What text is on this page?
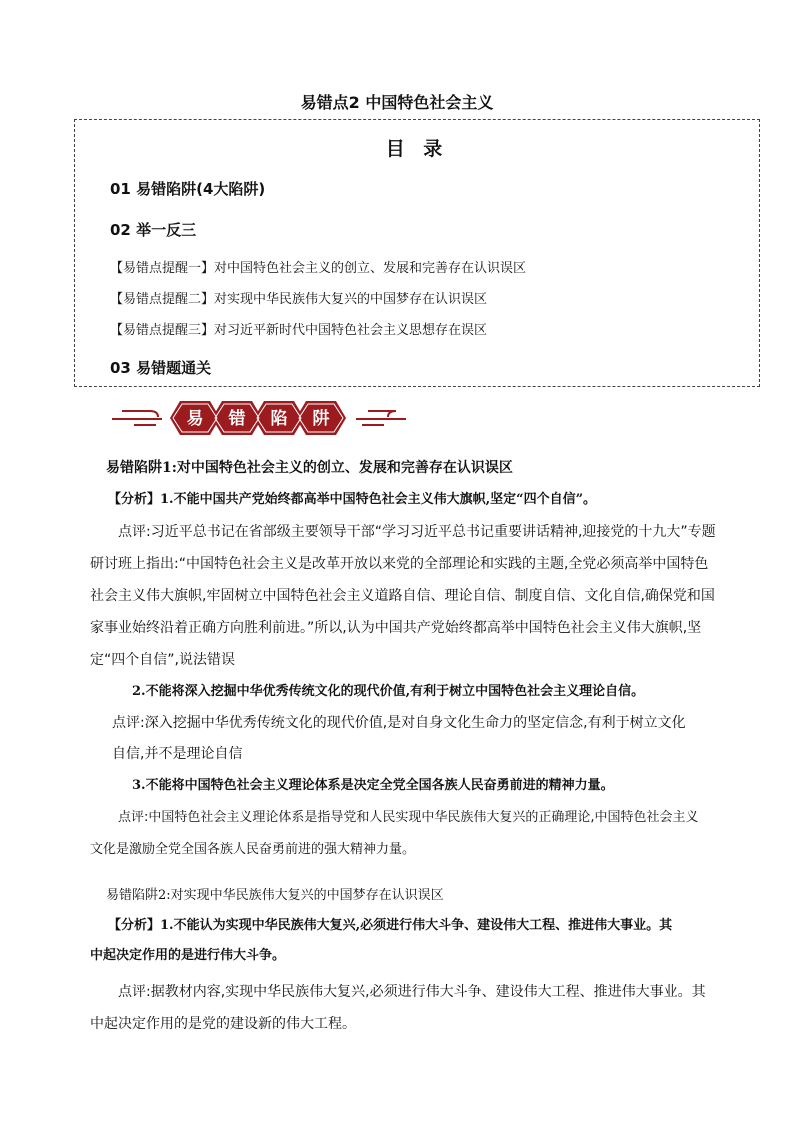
易错点2 中国特色社会主义
目 录
01 易错陷阱(4大陷阱)
02 举一反三
【易错点提醒一】对中国特色社会主义的创立、发展和完善存在认识误区
【易错点提醒二】对实现中华民族伟大复兴的中国梦存在认识误区
【易错点提醒三】对习近平新时代中国特色社会主义思想存在误区
03 易错题通关
易 错 陷 阱
易错陷阱1:对中国特色社会主义的创立、发展和完善存在认识误区
【分析】1.不能中国共产党始终都高举中国特色社会主义伟大旗帜,坚定“四个自信”。
点评:习近平总书记在省部级主要领导干部“学习习近平总书记重要讲话精神,迎接党的十九大”专题
研讨班上指出:“中国特色社会主义是改革开放以来党的全部理论和实践的主题,全党必须高举中国特色
社会主义伟大旗帜,牢固树立中国特色社会主义道路自信、理论自信、制度自信、文化自信,确保党和国
家事业始终沿着正确方向胜利前进。”所以,认为中国共产党始终都高举中国特色社会主义伟大旗帜,坚
定“四个自信”,说法错误
2.不能将深入挖掘中华优秀传统文化的现代价值,有利于树立中国特色社会主义理论自信。
点评:深入挖掘中华优秀传统文化的现代价值,是对自身文化生命力的坚定信念,有利于树立文化
自信,并不是理论自信
3.不能将中国特色社会主义理论体系是决定全党全国各族人民奋勇前进的精神力量。
点评:中国特色社会主义理论体系是指导党和人民实现中华民族伟大复兴的正确理论,中国特色社会主义
文化是激励全党全国各族人民奋勇前进的强大精神力量。
易错陷阱2:对实现中华民族伟大复兴的中国梦存在认识误区
【分析】1.不能认为实现中华民族伟大复兴,必须进行伟大斗争、建设伟大工程、推进伟大事业。其
中起决定作用的是进行伟大斗争。
点评:据教材内容,实现中华民族伟大复兴,必须进行伟大斗争、建设伟大工程、推进伟大事业。其
中起决定作用的是党的建设新的伟大工程。
